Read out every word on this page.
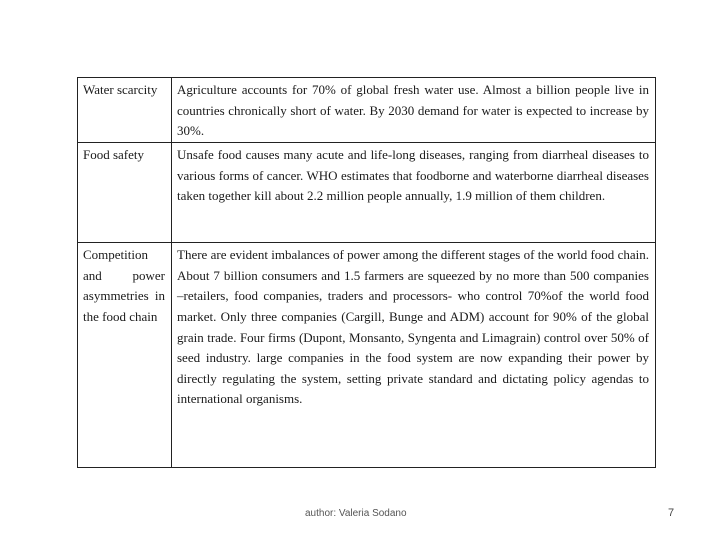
Water scarcity	Agriculture accounts for 70% of global fresh water use. Almost a billion people live in countries chronically short of water. By 2030 demand for water is expected to increase by 30%.
Food safety	Unsafe food causes many acute and life-long diseases, ranging from diarrheal diseases to various forms of cancer. WHO estimates that foodborne and waterborne diarrheal diseases taken together kill about 2.2 million people annually, 1.9 million of them children.
Competition and power asymmetries in the food chain	There are evident imbalances of power among the different stages of the world food chain. About 7 billion consumers and 1.5 farmers are squeezed by no more than 500 companies –retailers, food companies, traders and processors- who control 70%of the world food market. Only three companies (Cargill, Bunge and ADM) account for 90% of the global grain trade. Four firms (Dupont, Monsanto, Syngenta and Limagrain) control over 50% of seed industry. large companies in the food system are now expanding their power by directly regulating the system, setting private standard and dictating policy agendas to international organisms.
author: Valeria Sodano	7
